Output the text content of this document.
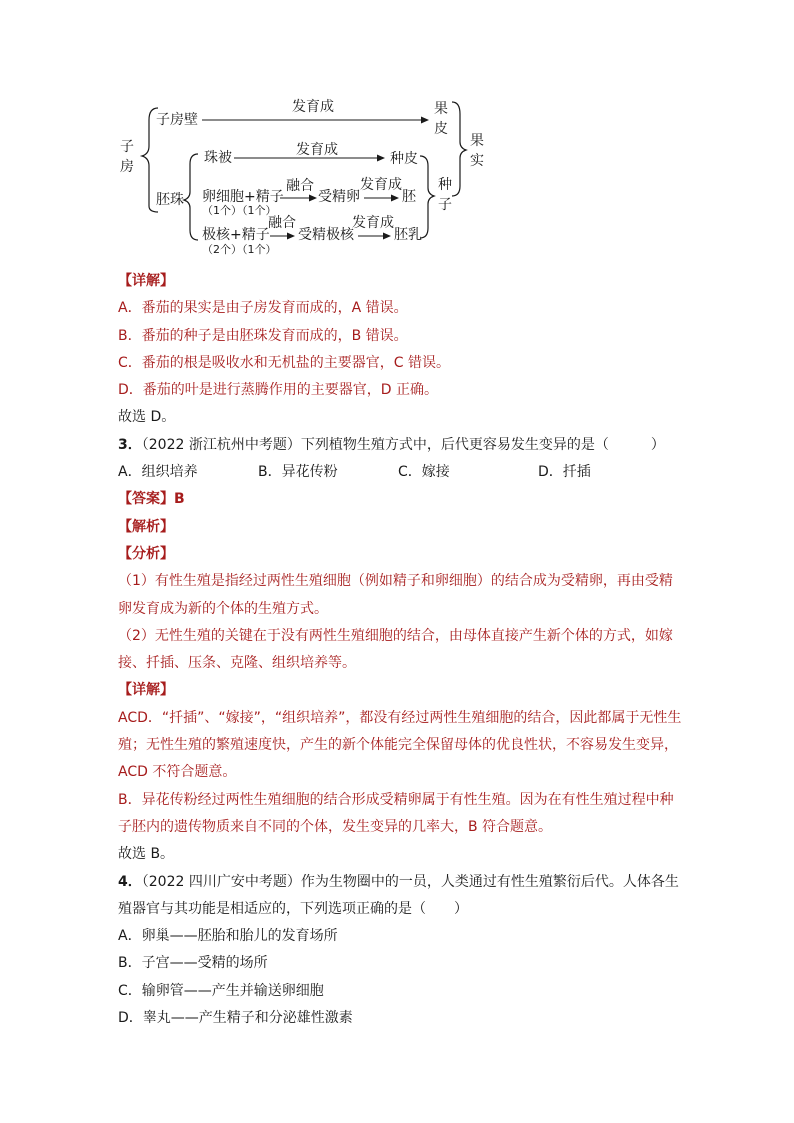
子
房
子房壁
发育成	果
皮
果
实
胚珠
珠被	发育成
种皮
卵细胞+精子
（1个）（1个）
融合
受精卵
发育成
胚
种
子
极核+精子
（2个）（1个）
融合
受精极核
发育成
胚乳
【详解】
A．番茄的果实是由子房发育而成的，A 错误。
B．番茄的种子是由胚珠发育而成的，B 错误。
C．番茄的根是吸收水和无机盐的主要器官，C 错误。
D．番茄的叶是进行蒸腾作用的主要器官，D 正确。
故选 D。
3．（2022 浙江杭州中考题）下列植物生殖方式中，后代更容易发生变异的是（　　　）
A．组织培养	B．异花传粉	C．嫁接	D．扦插
【答案】B
【解析】
【分析】
（1）有性生殖是指经过两性生殖细胞（例如精子和卵细胞）的结合成为受精卵，再由受精
卵发育成为新的个体的生殖方式。
（2）无性生殖的关键在于没有两性生殖细胞的结合，由母体直接产生新个体的方式，如嫁
接、扦插、压条、克隆、组织培养等。
【详解】
ACD．“扦插”、“嫁接”，“组织培养”，都没有经过两性生殖细胞的结合，因此都属于无性生
殖；无性生殖的繁殖速度快，产生的新个体能完全保留母体的优良性状，不容易发生变异，
ACD 不符合题意。
B．异花传粉经过两性生殖细胞的结合形成受精卵属于有性生殖。因为在有性生殖过程中种
子胚内的遗传物质来自不同的个体，发生变异的几率大，B 符合题意。
故选 B。
4．（2022 四川广安中考题）作为生物圈中的一员，人类通过有性生殖繁衍后代。人体各生
殖器官与其功能是相适应的，下列选项正确的是（　　）
A．卵巢——胚胎和胎儿的发育场所
B．子宫——受精的场所
C．输卵管——产生并输送卵细胞
D．睾丸——产生精子和分泌雄性激素
